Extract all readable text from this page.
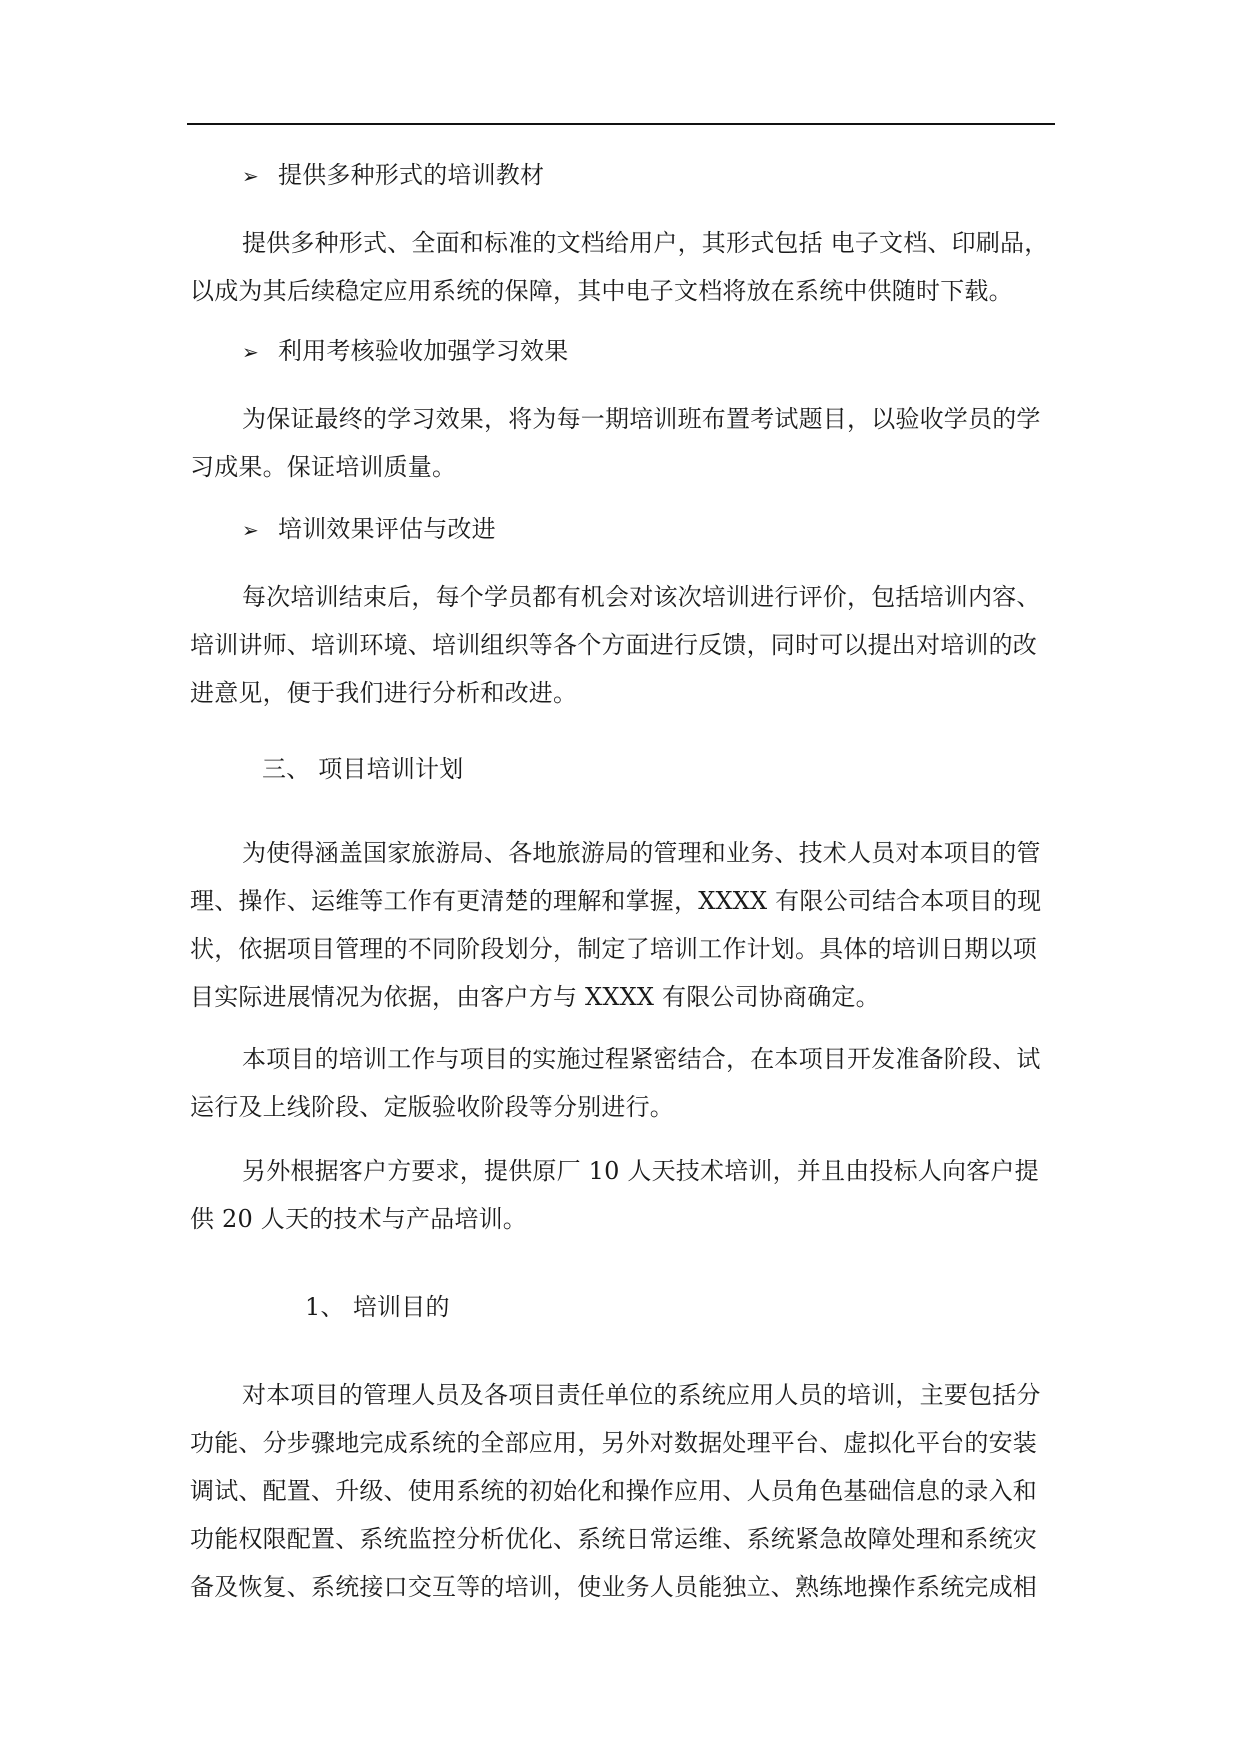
➢ 提供多种形式的培训教材
提供多种形式、全面和标准的文档给用户，其形式包括 电子文档、印刷品，
以成为其后续稳定应用系统的保障，其中电子文档将放在系统中供随时下载。
➢ 利用考核验收加强学习效果
为保证最终的学习效果，将为每一期培训班布置考试题目，以验收学员的学
习成果。保证培训质量。
➢ 培训效果评估与改进
每次培训结束后，每个学员都有机会对该次培训进行评价，包括培训内容、
培训讲师、培训环境、培训组织等各个方面进行反馈，同时可以提出对培训的改
进意见，便于我们进行分析和改进。
三、 项目培训计划
为使得涵盖国家旅游局、各地旅游局的管理和业务、技术人员对本项目的管
理、操作、运维等工作有更清楚的理解和掌握，XXXX 有限公司结合本项目的现
状，依据项目管理的不同阶段划分，制定了培训工作计划。具体的培训日期以项
目实际进展情况为依据，由客户方与 XXXX 有限公司协商确定。
本项目的培训工作与项目的实施过程紧密结合，在本项目开发准备阶段、试
运行及上线阶段、定版验收阶段等分别进行。
另外根据客户方要求，提供原厂 10 人天技术培训，并且由投标人向客户提
供 20 人天的技术与产品培训。
1、 培训目的
对本项目的管理人员及各项目责任单位的系统应用人员的培训，主要包括分
功能、分步骤地完成系统的全部应用，另外对数据处理平台、虚拟化平台的安装
调试、配置、升级、使用系统的初始化和操作应用、人员角色基础信息的录入和
功能权限配置、系统监控分析优化、系统日常运维、系统紧急故障处理和系统灾
备及恢复、系统接口交互等的培训，使业务人员能独立、熟练地操作系统完成相
